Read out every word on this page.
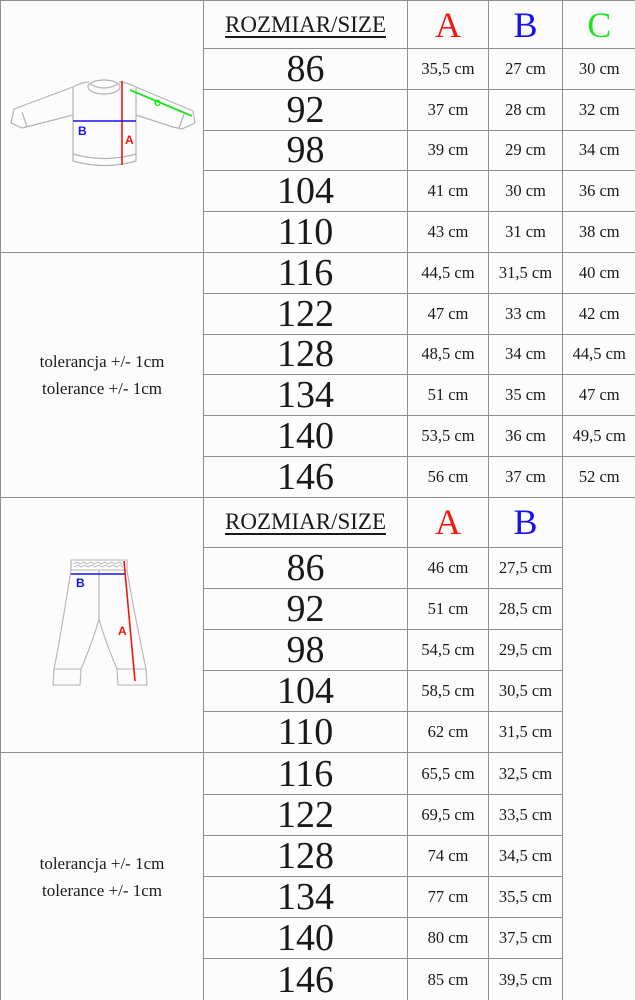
A
B
c	ROZMIAR/SIZE	A	B	C
	86	35,5 cm	27 cm	30 cm
	92	37 cm	28 cm	32 cm
	98	39 cm	29 cm	34 cm
	104	41 cm	30 cm	36 cm
	110	43 cm	31 cm	38 cm

tolerancja +/- 1cm
tolerance +/- 1cm	116	44,5 cm	31,5 cm	40 cm
	122	47 cm	33 cm	42 cm
	128	48,5 cm	34 cm	44,5 cm
	134	51 cm	35 cm	47 cm
	140	53,5 cm	36 cm	49,5 cm
	146	56 cm	37 cm	52 cm
B
A	ROZMIAR/SIZE	A	B
	86	46 cm	27,5 cm
	92	51 cm	28,5 cm
	98	54,5 cm	29,5 cm
	104	58,5 cm	30,5 cm
	110	62 cm	31,5 cm

tolerancja +/- 1cm
tolerance +/- 1cm	116	65,5 cm	32,5 cm
	122	69,5 cm	33,5 cm
	128	74 cm	34,5 cm
	134	77 cm	35,5 cm
	140	80 cm	37,5 cm
	146	85 cm	39,5 cm
